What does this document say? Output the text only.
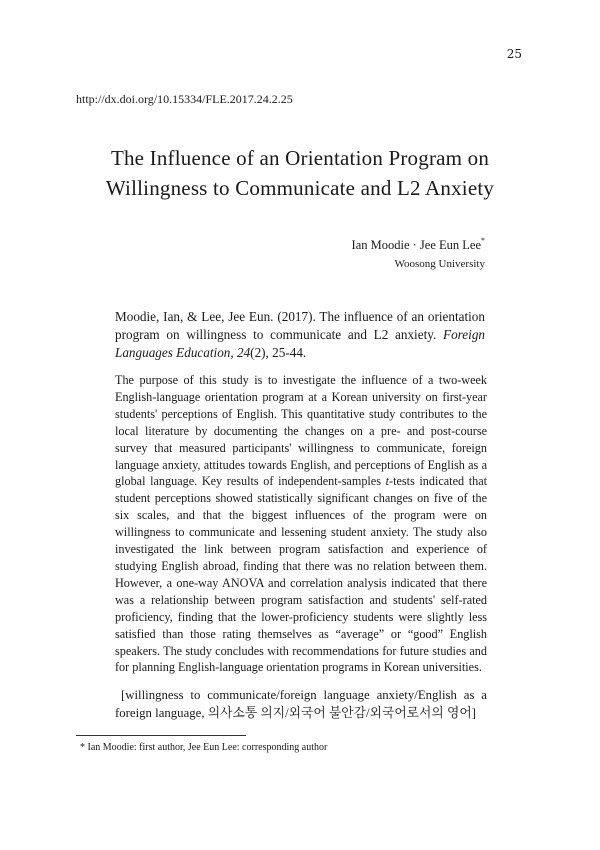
25
http://dx.doi.org/10.15334/FLE.2017.24.2.25
The Influence of an Orientation Program on
Willingness to Communicate and L2 Anxiety
Ian Moodie · Jee Eun Lee*
Woosong University
Moodie, Ian, & Lee, Jee Eun. (2017). The influence of an orientation program on willingness to communicate and L2 anxiety. Foreign Languages Education, 24(2), 25-44.
The purpose of this study is to investigate the influence of a two-week English-language orientation program at a Korean university on first-year students' perceptions of English. This quantitative study contributes to the local literature by documenting the changes on a pre- and post-course survey that measured participants' willingness to communicate, foreign language anxiety, attitudes towards English, and perceptions of English as a global language. Key results of independent-samples t-tests indicated that student perceptions showed statistically significant changes on five of the six scales, and that the biggest influences of the program were on willingness to communicate and lessening student anxiety. The study also investigated the link between program satisfaction and experience of studying English abroad, finding that there was no relation between them. However, a one-way ANOVA and correlation analysis indicated that there was a relationship between program satisfaction and students' self-rated proficiency, finding that the lower-proficiency students were slightly less satisfied than those rating themselves as “average” or “good” English speakers. The study concludes with recommendations for future studies and for planning English-language orientation programs in Korean universities.
[willingness to communicate/foreign language anxiety/English as a foreign language, 의사소통 의지/외국어 불안감/외국어로서의 영어]
* Ian Moodie: first author, Jee Eun Lee: corresponding author
